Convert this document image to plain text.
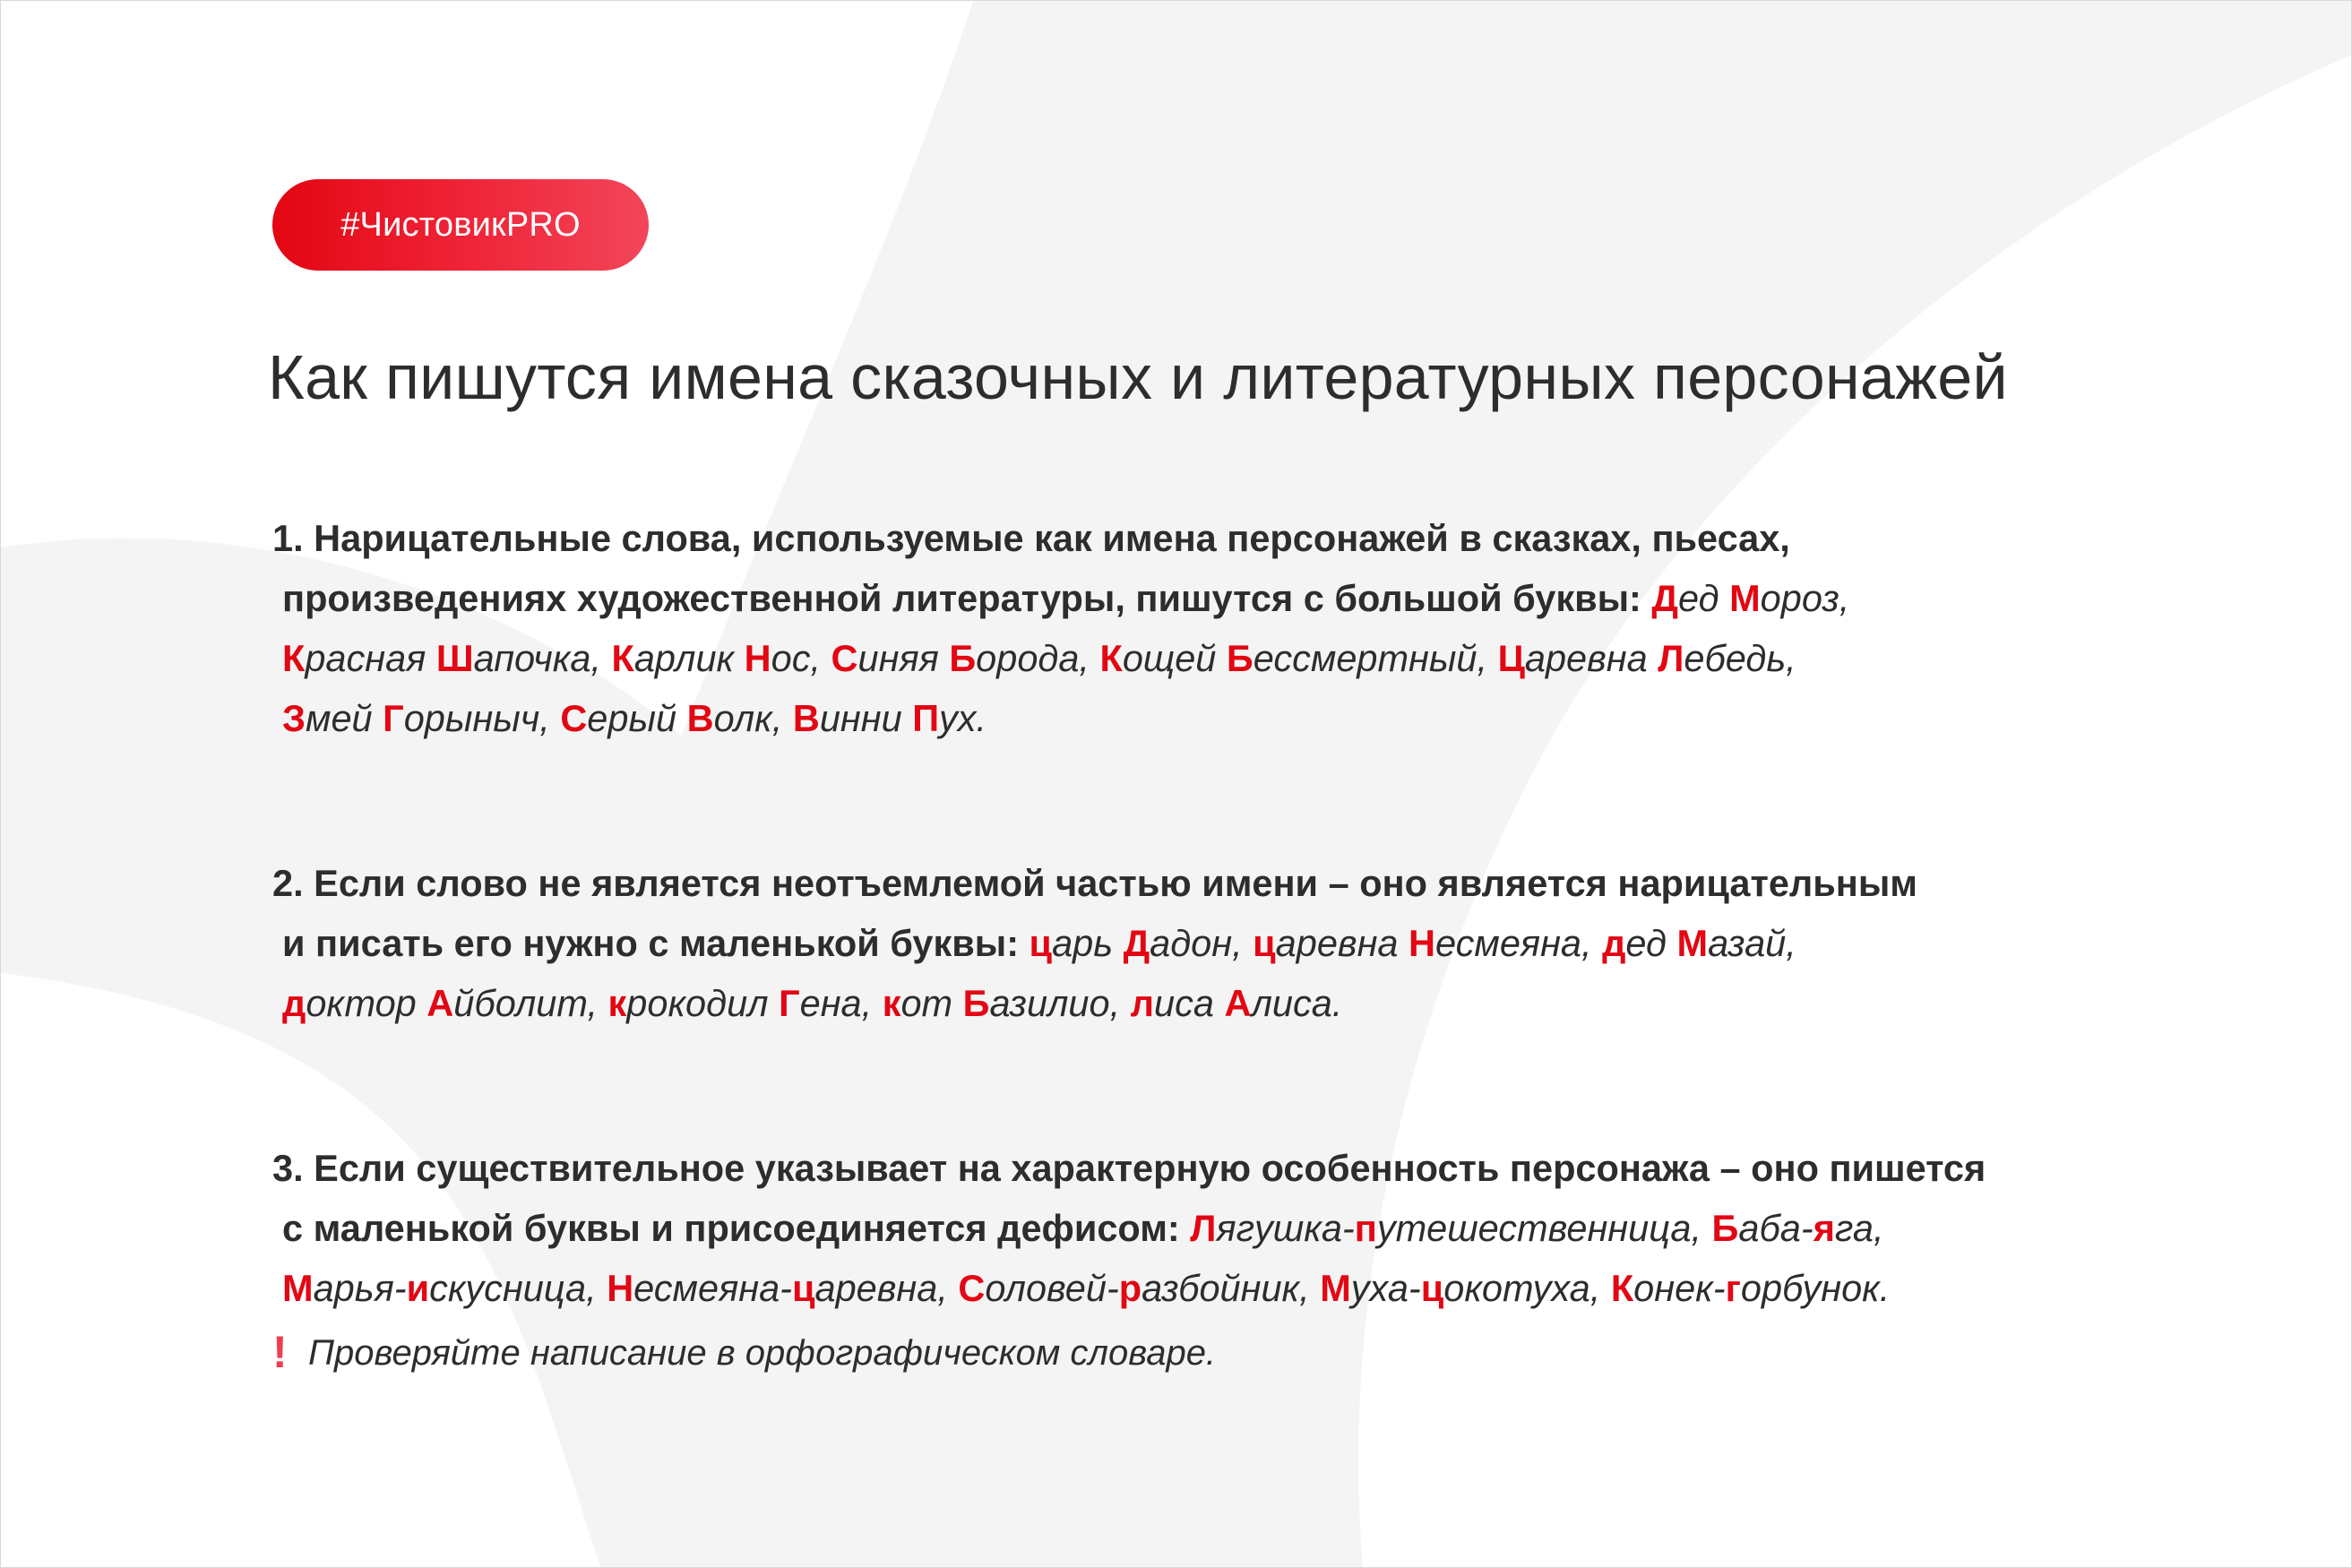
#ЧистовикPRO
Как пишутся имена сказочных и литературных персонажей
1. Нарицательные слова, используемые как имена персонажей в сказках, пьесах,
произведениях художественной литературы, пишутся с большой буквы: Дед Мороз,
Красная Шапочка, Карлик Нос, Синяя Борода, Кощей Бессмертный, Царевна Лебедь,
Змей Горыныч, Серый Волк, Винни Пух.
2. Если слово не является неотъемлемой частью имени – оно является нарицательным
и писать его нужно с маленькой буквы: царь Дадон, царевна Несмеяна, дед Мазай,
доктор Айболит, крокодил Гена, кот Базилио, лиса Алиса.
3. Если существительное указывает на характерную особенность персонажа – оно пишется
с маленькой буквы и присоединяется дефисом: Лягушка-путешественница, Баба-яга,
Марья-искусница, Несмеяна-царевна, Соловей-разбойник, Муха-цокотуха, Конек-горбунок.
! Проверяйте написание в орфографическом словаре.
